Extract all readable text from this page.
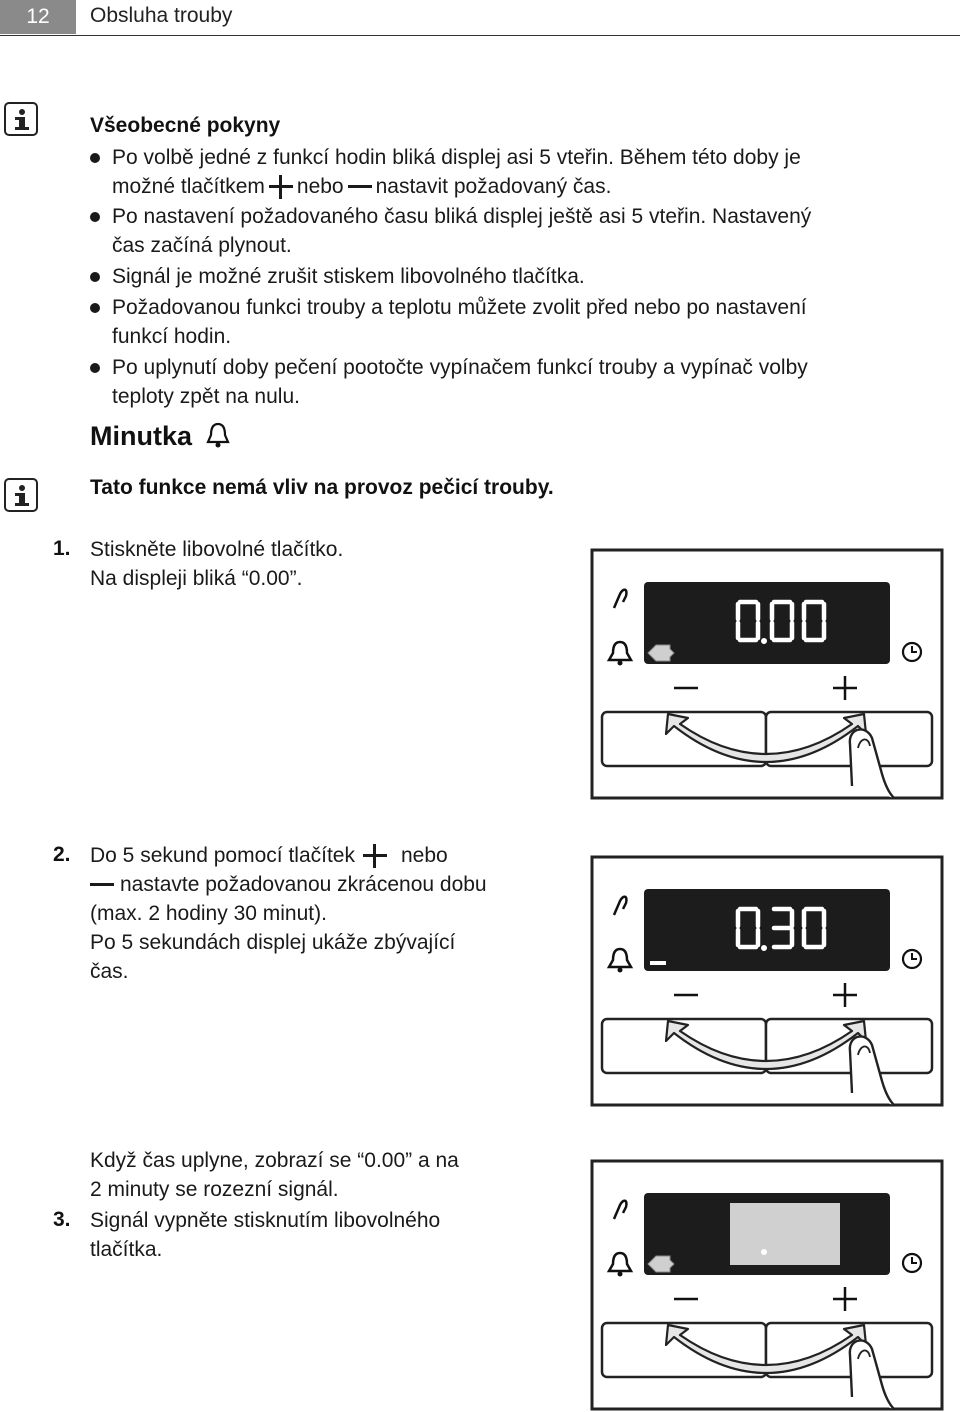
12	Obsluha trouby
Všeobecné pokyny
Po volbě jedné z funkcí hodin bliká displej asi 5 vteřin. Během této doby je
možné tlačítkem nebo nastavit požadovaný čas.
Po nastavení požadovaného času bliká displej ještě asi 5 vteřin. Nastavený
čas začíná plynout.
Signál je možné zrušit stiskem libovolného tlačítka.
Požadovanou funkci trouby a teplotu můžete zvolit před nebo po nastavení
funkcí hodin.
Po uplynutí doby pečení pootočte vypínačem funkcí trouby a vypínač volby
teploty zpět na nulu.
Minutka
Tato funkce nemá vliv na provoz pečicí trouby.
1. Stiskněte libovolné tlačítko.
Na displeji bliká “0.00”.
2. Do 5 sekund pomocí tlačítek nebo
nastavte požadovanou zkrácenou dobu
(max. 2 hodiny 30 minut).
Po 5 sekundách displej ukáže zbývající
čas.
Když čas uplyne, zobrazí se “0.00” a na
2 minuty se rozezní signál.
3. Signál vypněte stisknutím libovolného
tlačítka.
